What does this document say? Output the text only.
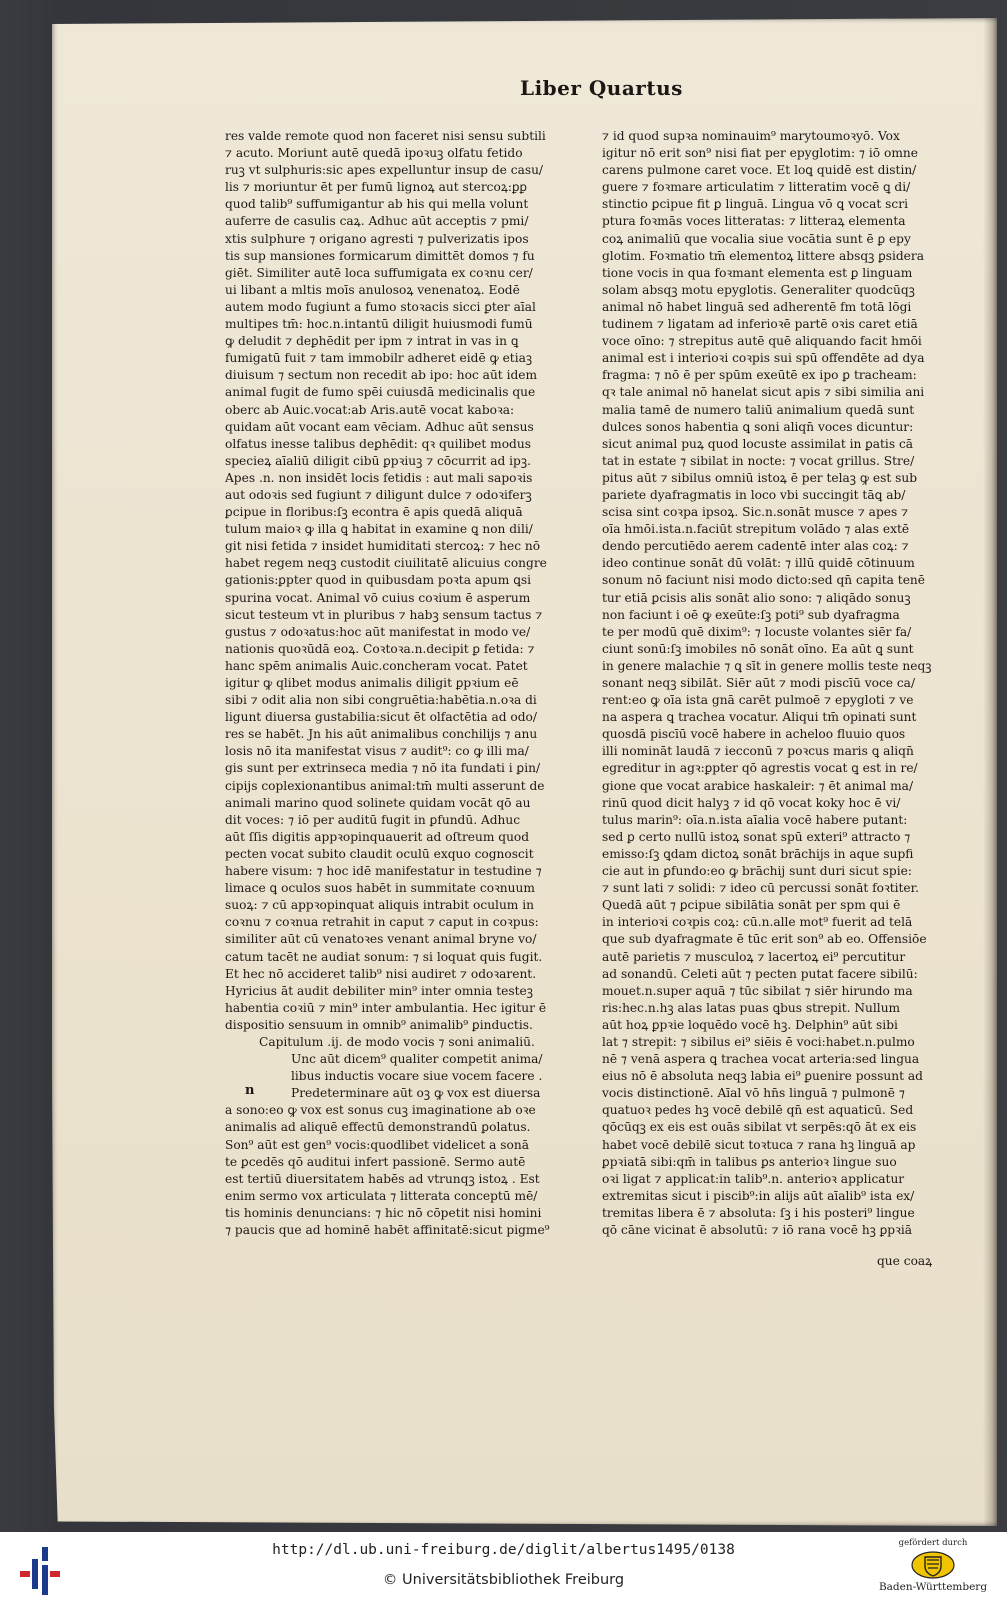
Liber Quartus
res valde remote quod non faceret nisi sensu subtili
⁊ acuto. Moriunt autē quedā ipoꝛuꝫ olfatu fetido
ruꝫ vt sulphuris:sic apes expelluntur insup de casu/
lis ⁊ moriuntur ēt per fumū lignoꝝ aut stercoꝝ:ꝑꝑ
quod talib⁹ suffumigantur ab his qui mella volunt
auferre de casulis caꝝ. Adhuc aūt acceptis ⁊ pmi/
xtis sulphure ⁊ origano agresti ⁊ pulverizatis ipos
tis sup mansiones formicarum dimittēt domos ⁊ fu
giēt. Similiter autē loca suffumigata ex coꝛnu cer/
ui libant a mltis moīs anulosoꝝ venenatoꝝ. Eodē
autem modo fugiunt a fumo stoꝛacis sicci ꝑter aīal
multipes tm̄: hoc.n.intantū diligit huiusmodi fumū
ꝙ deludit ⁊ deꝑhēdit per ipm ⁊ intrat in vas in ꝗ
fumigatū fuit ⁊ tam immobilr adheret eidē ꝙ etiaꝫ
diuisum ⁊ sectum non recedit ab ipo: hoc aūt idem
animal fugit de fumo spēi cuiusdā medicinalis que
oberc ab Auic.vocat:ab Aris.autē vocat kaboꝛa:
quidam aūt vocant eam vēciam. Adhuc aūt sensus
olfatus inesse talibus deꝑhēdit: qꝛ quilibet modus
specieꝝ aīaliū diligit cibū ꝑpꝛiuꝫ ⁊ cōcurrit ad ipꝫ.
Apes .n. non insidēt locis fetidis : aut mali sapoꝛis
aut odoꝛis sed fugiunt ⁊ diligunt dulce ⁊ odoꝛiferꝫ
ꝑcipue in floribus:ſꝫ econtra ē apis quedā aliquā
tulum maioꝛ ꝙ illa ꝗ habitat in examine ꝗ non dili/
git nisi fetida ⁊ insidet humiditati stercoꝝ: ⁊ hec nō
habet regem neqꝫ custodit ciuilitatē alicuius congre
gationis:ꝑpter quod in quibusdam poꝛta apum ꝗsi
spurina vocat. Animal vō cuius coꝛium ē asperum
sicut testeum vt in pluribus ⁊ habꝫ sensum tactus ⁊
gustus ⁊ odoꝛatus:hoc aūt manifestat in modo ve/
nationis quoꝛūdā eoꝝ. Coꝛtoꝛa.n.decipit ꝑ fetida: ⁊
hanc spēm animalis Auic.concheram vocat. Patet
igitur ꝙ qlibet modus animalis diligit ꝑpꝛium eē
sibi ⁊ odit alia non sibi congruētia:habētia.n.oꝛa di
ligunt diuersa gustabilia:sicut ēt olfactētia ad odo/
res se habēt. Jn his aūt animalibus conchilijs ⁊ anu
losis nō ita manifestat visus ⁊ audit⁹: co ꝙ illi ma/
gis sunt per extrinseca media ⁊ nō ita fundati i ꝑin/
cipijs coplexionantibus animal:tm̄ multi asserunt de
animali marino quod solinete quidam vocāt qō au
dit voces: ⁊ iō per auditū fugit in ꝑfundū. Adhuc
aūt ſſis digitis appꝛopinquauerit ad oſtreum quod
pecten vocat subito claudit oculū exquo cognoscit
habere visum: ⁊ hoc idē manifestatur in testudine ⁊
limace ꝗ oculos suos habēt in summitate coꝛnuum
suoꝝ: ⁊ cū appꝛopinquat aliquis intrabit oculum in
coꝛnu ⁊ coꝛnua retrahit in caput ⁊ caput in coꝛpus:
similiter aūt cū venatoꝛes venant animal bryne vo/
catum tacēt ne audiat sonum: ⁊ si loquat quis fugit.
Et hec nō accideret talib⁹ nisi audiret ⁊ odoꝛarent.
Hyricius āt audit debiliter min⁹ inter omnia testeꝫ
habentia coꝛiū ⁊ min⁹ inter ambulantia. Hec igitur ē
dispositio sensuum in omnib⁹ animalib⁹ ꝑinductis.
Capitulum .ij. de modo vocis ⁊ soni animaliū.
Unc aūt dicem⁹ qualiter competit anima/
libus inductis vocare siue vocem facere .
Predeterminare aūt oꝫ ꝙ vox est diuersa
a sono:eo ꝙ vox est sonus cuꝫ imaginatione ab oꝛe
animalis ad aliquē effectū demonstrandū ꝑolatus.
Son⁹ aūt est gen⁹ vocis:quodlibet videlicet a sonā
te ꝑcedēs qō auditui infert passionē. Sermo autē
est tertiū diuersitatem habēs ad vtrunqꝫ istoꝝ . Est
enim sermo vox articulata ⁊ litterata conceptū mē/
tis hominis denuncians: ⁊ hic nō cōpetit nisi homini
⁊ paucis que ad hominē habēt affinitatē:sicut pigme⁹
⁊ id quod supꝛa nominauim⁹ marytoumoꝛyō. Vox
igitur nō erit son⁹ nisi fiat per epyglotim: ⁊ iō omne
carens pulmone caret voce. Et loꝗ quidē est distin/
guere ⁊ foꝛmare articulatim ⁊ litteratim vocē ꝗ di/
stinctio ꝑcipue fit ꝑ linguā. Lingua vō ꝗ vocat scri
ptura foꝛmās voces litteratas: ⁊ litteraꝝ elementa
coꝝ animaliū que vocalia siue vocātia sunt ē ꝑ epy
glotim. Foꝛmatio tm̄ elementoꝝ littere absqꝫ ꝑsidera
tione vocis in qua foꝛmant elementa est ꝑ linguam
solam absqꝫ motu epyglotis. Generaliter quodcūqꝫ
animal nō habet linguā sed adherentē fm totā lōgi
tudinem ⁊ ligatam ad inferioꝛē partē oꝛis caret etiā
voce oīno: ⁊ strepitus autē quē aliquando facit hmōi
animal est i interioꝛi coꝛpis sui spū offendēte ad dya
fragma: ⁊ nō ē per spūm exeūtē ex ipo ꝑ tracheam:
qꝛ tale animal nō hanelat sicut apis ⁊ sibi similia ani
malia tamē de numero taliū animalium quedā sunt
dulces sonos habentia ꝗ soni aliqn̄ voces dicuntur:
sicut animal puꝝ quod locuste assimilat in ꝑatis cā
tat in estate ⁊ sibilat in nocte: ⁊ vocat grillus. Stre/
pitus aūt ⁊ sibilus omniū istoꝝ ē per telaꝫ ꝙ est sub
pariete dyafragmatis in loco vbi succingit tāꝗ ab/
scisa sint coꝛpa ipsoꝝ. Sic.n.sonāt musce ⁊ apes ⁊
oīa hmōi.ista.n.faciūt strepitum volādo ⁊ alas extē
dendo percutiēdo aerem cadentē inter alas coꝝ: ⁊
ideo continue sonāt dū volāt: ⁊ illū quidē cōtinuum
sonum nō faciunt nisi modo dicto:sed qn̄ capita tenē
tur etiā ꝑcisis alis sonāt alio sono: ⁊ aliqādo sonuꝫ
non faciunt i oē ꝙ exeūte:ſꝫ poti⁹ sub dyafragma
te per modū quē dixim⁹: ⁊ locuste volantes siēr fa/
ciunt sonū:ſꝫ imobiles nō sonāt oīno. Ea aūt ꝗ sunt
in genere malachie ⁊ ꝗ sīt in genere mollis teste neqꝫ
sonant neqꝫ sibilāt. Siēr aūt ⁊ modi piscīū voce ca/
rent:eo ꝙ oīa ista gnā carēt pulmoē ⁊ epygloti ⁊ ve
na aspera ꝗ trachea vocatur. Aliqui tm̄ opinati sunt
quosdā piscīū vocē habere in acheloo fluuio quos
illi nomināt laudā ⁊ iecconū ⁊ poꝛcus maris ꝗ aliqn̄
egreditur in agꝛ:ꝑpter qō agrestis vocat ꝗ est in re/
gione que vocat arabice haskaleir: ⁊ ēt animal ma/
rinū quod dicit halyꝫ ⁊ id qō vocat koky hoc ē vi/
tulus marin⁹: oīa.n.ista aīalia vocē habere putant:
sed ꝑ certo nullū istoꝝ sonat spū exteri⁹ attracto ⁊
emisso:ſꝫ ꝗdam dictoꝝ sonāt brāchijs in aque supfi
cie aut in ꝑfundo:eo ꝙ brāchij sunt duri sicut spie:
⁊ sunt lati ⁊ solidi: ⁊ ideo cū percussi sonāt foꝛtiter.
Quedā aūt ⁊ ꝑcipue sibilātia sonāt per spm qui ē
in interioꝛi coꝛpis coꝝ: cū.n.alle mot⁹ fuerit ad telā
que sub dyafragmate ē tūc erit son⁹ ab eo. Offensiōe
autē parietis ⁊ musculoꝝ ⁊ lacertoꝝ ei⁹ percutitur
ad sonandū. Celeti aūt ⁊ pecten putat facere sibilū:
mouet.n.super aquā ⁊ tūc sibilat ⁊ siēr hirundo ma
ris:hec.n.hꝫ alas latas puas ꝗbus strepit. Nullum
aūt hoꝝ ꝑpꝛie loquēdo vocē hꝫ. Delphin⁹ aūt sibi
lat ⁊ strepit: ⁊ sibilus ei⁹ siēis ē voci:habet.n.pulmo
nē ⁊ venā aspera ꝗ trachea vocat arteria:sed lingua
eius nō ē absoluta neqꝫ labia ei⁹ ꝑuenire possunt ad
vocis distinctionē. Aīal vō hn̄s linguā ⁊ pulmonē ⁊
quatuoꝛ pedes hꝫ vocē debilē qn̄ est aquaticū. Sed
qōcūqꝫ ex eis est ouās sibilat vt serpēs:qō āt ex eis
habet vocē debilē sicut toꝛtuca ⁊ rana hꝫ linguā ap
ꝑpꝛiatā sibi:qm̄ in talibus ꝑs anterioꝛ lingue suo
oꝛi ligat ⁊ applicat:in talib⁹.n. anterioꝛ applicatur
extremitas sicut i piscib⁹:in alijs aūt aīalib⁹ ista ex/
tremitas libera ē ⁊ absoluta: ſꝫ i his posteri⁹ lingue
qō cāne vicinat ē absolutū: ⁊ iō rana vocē hꝫ ꝑpꝛiā
n
que coaꝝ
http://dl.ub.uni-freiburg.de/diglit/albertus1495/0138
© Universitätsbibliothek Freiburg
gefördert durch
Baden-Württemberg
